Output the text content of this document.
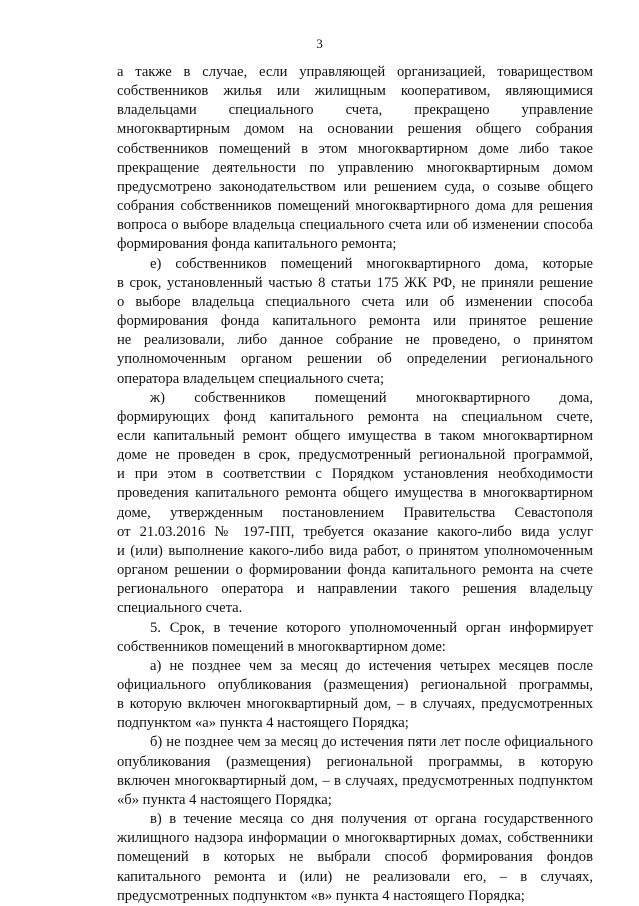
3
а также в случае, если управляющей организацией, товариществом
собственников жилья или жилищным кооперативом, являющимися
владельцами специального счета, прекращено управление
многоквартирным домом на основании решения общего собрания
собственников помещений в этом многоквартирном доме либо такое
прекращение деятельности по управлению многоквартирным домом
предусмотрено законодательством или решением суда, о созыве общего
собрания собственников помещений многоквартирного дома для решения
вопроса о выборе владельца специального счета или об изменении способа
формирования фонда капитального ремонта;
е) собственников помещений многоквартирного дома, которые
в срок, установленный частью 8 статьи 175 ЖК РФ, не приняли решение
о выборе владельца специального счета или об изменении способа
формирования фонда капитального ремонта или принятое решение
не реализовали, либо данное собрание не проведено, о принятом
уполномоченным органом решении об определении регионального
оператора владельцем специального счета;
ж) собственников помещений многоквартирного дома,
формирующих фонд капитального ремонта на специальном счете,
если капитальный ремонт общего имущества в таком многоквартирном
доме не проведен в срок, предусмотренный региональной программой,
и при этом в соответствии с Порядком установления необходимости
проведения капитального ремонта общего имущества в многоквартирном
доме, утвержденным постановлением Правительства Севастополя
от 21.03.2016 № 197-ПП, требуется оказание какого-либо вида услуг
и (или) выполнение какого-либо вида работ, о принятом уполномоченным
органом решении о формировании фонда капитального ремонта на счете
регионального оператора и направлении такого решения владельцу
специального счета.
5. Срок, в течение которого уполномоченный орган информирует
собственников помещений в многоквартирном доме:
а) не позднее чем за месяц до истечения четырех месяцев после
официального опубликования (размещения) региональной программы,
в которую включен многоквартирный дом, – в случаях, предусмотренных
подпунктом «а» пункта 4 настоящего Порядка;
б) не позднее чем за месяц до истечения пяти лет после официального
опубликования (размещения) региональной программы, в которую
включен многоквартирный дом, – в случаях, предусмотренных подпунктом
«б» пункта 4 настоящего Порядка;
в) в течение месяца со дня получения от органа государственного
жилищного надзора информации о многоквартирных домах, собственники
помещений в которых не выбрали способ формирования фондов
капитального ремонта и (или) не реализовали его, – в случаях,
предусмотренных подпунктом «в» пункта 4 настоящего Порядка;
